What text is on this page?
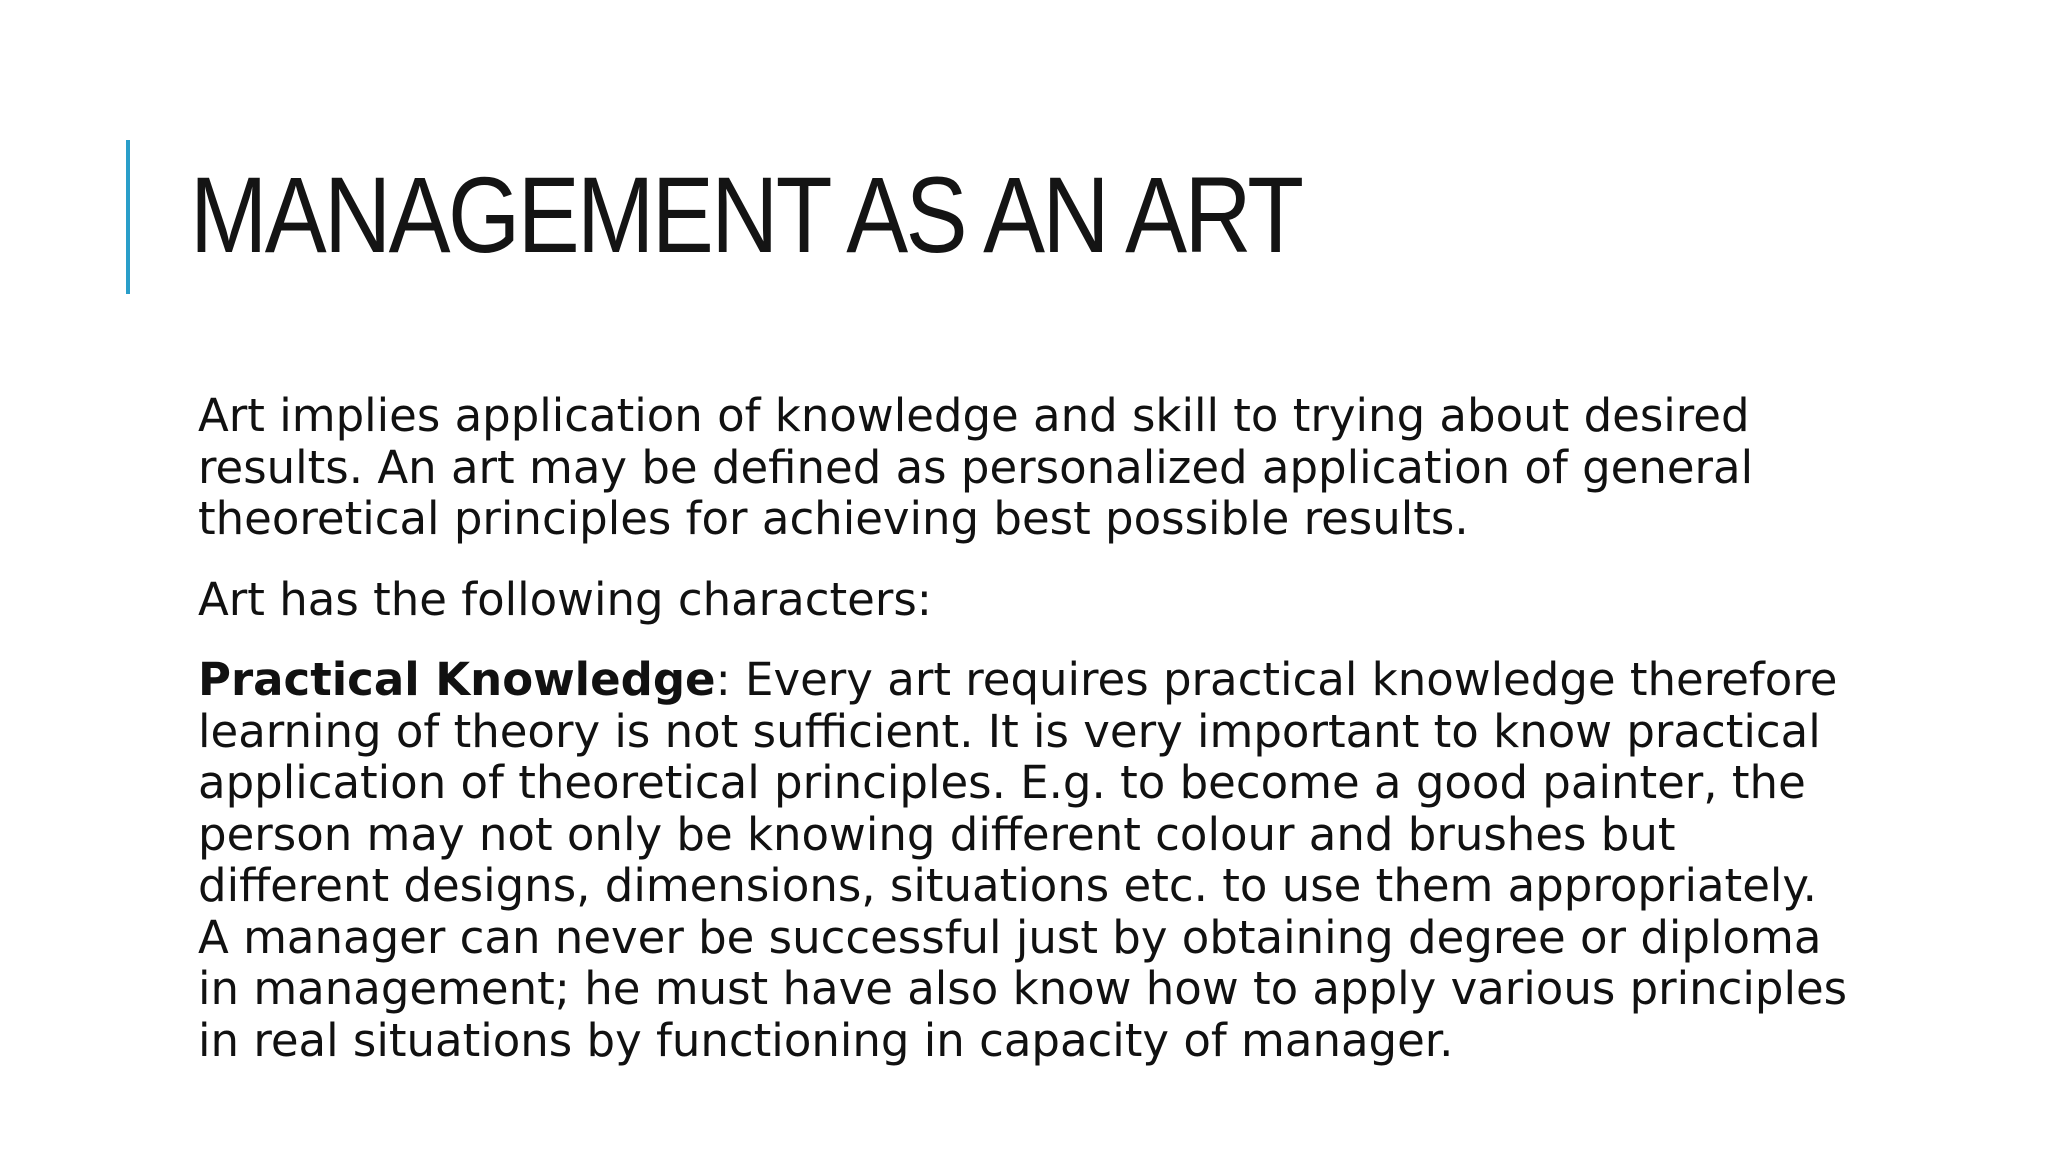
MANAGEMENT AS AN ART

Art implies application of knowledge and skill to trying about desired results. An art may be defined as personalized application of general theoretical principles for achieving best possible results.

Art has the following characters:

Practical Knowledge: Every art requires practical knowledge therefore learning of theory is not sufficient. It is very important to know practical application of theoretical principles. E.g. to become a good painter, the person may not only be knowing different colour and brushes but different designs, dimensions, situations etc. to use them appropriately. A manager can never be successful just by obtaining degree or diploma in management; he must have also know how to apply various principles in real situations by functioning in capacity of manager.
